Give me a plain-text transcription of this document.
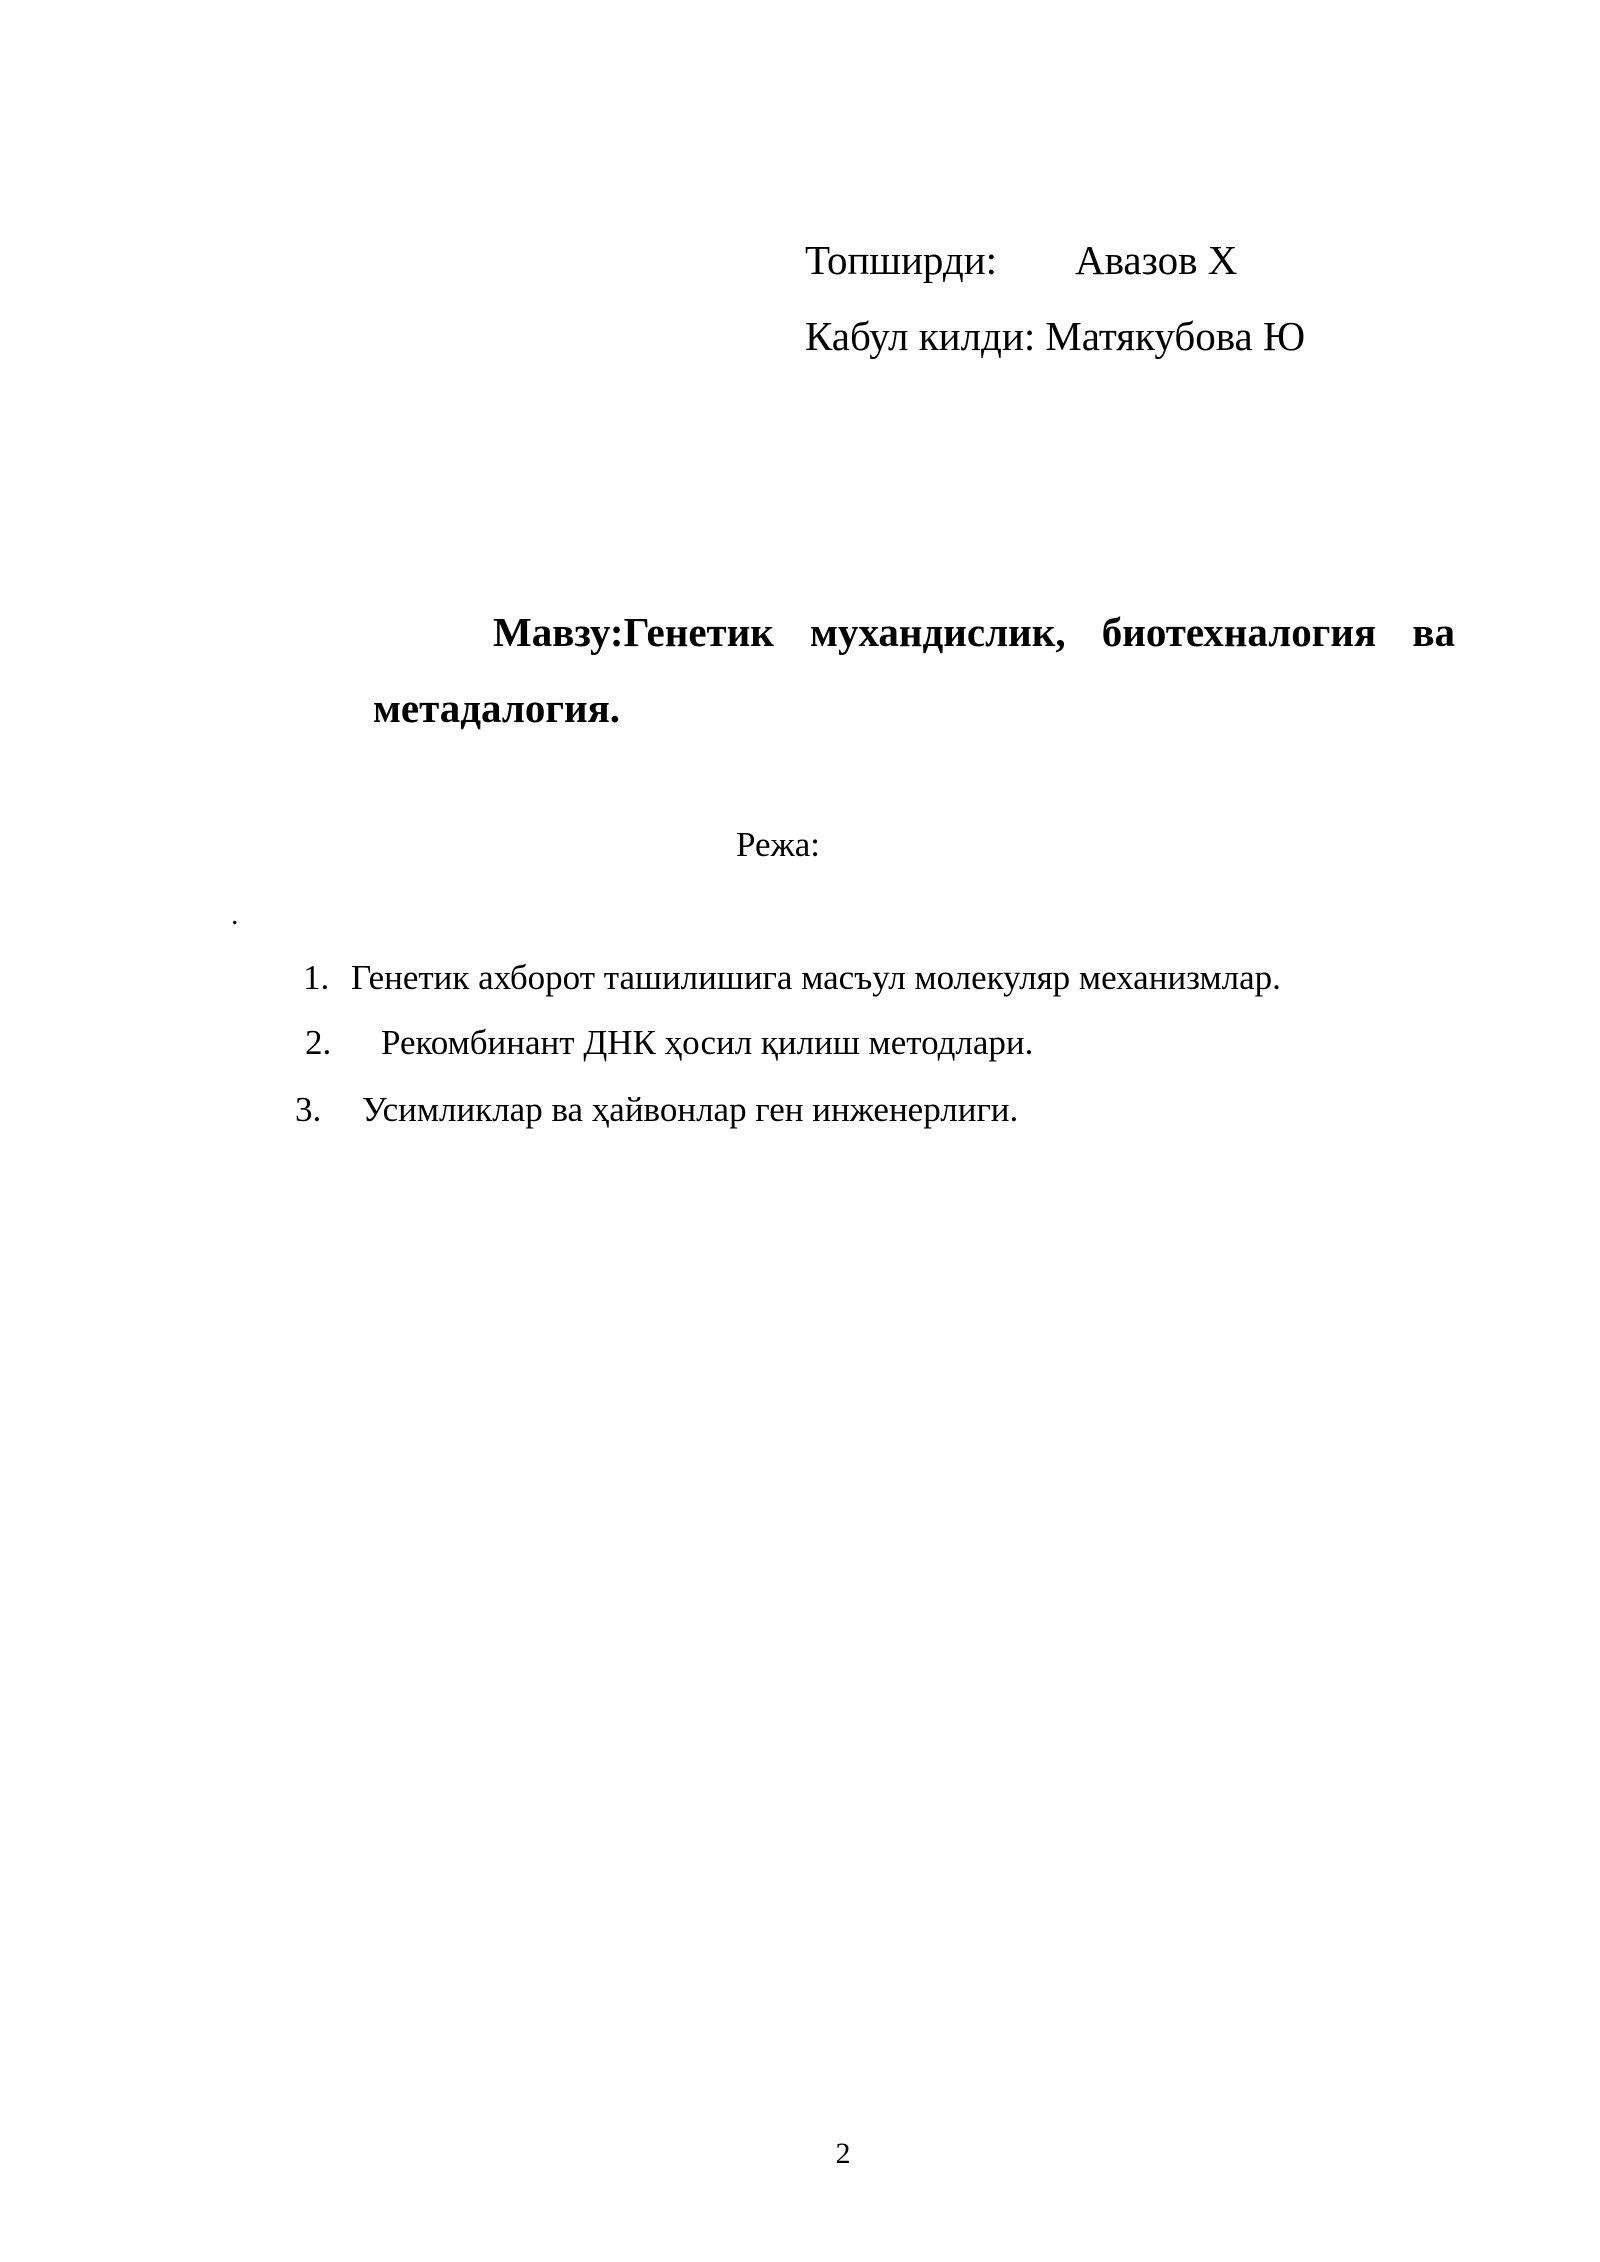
Топширди: Авазов Х
Кабул килди: Матякубова Ю
Мавзу:Генетик мухандислик, биотехналогия ва
метадалогия.
Режа:
.
1. Генетик ахборот ташилишига масъул молекуляр механизмлар.
2. Рекомбинант ДНК ҳосил қилиш методлари.
3. Усимликлар ва ҳайвонлар ген инженерлиги.
2
